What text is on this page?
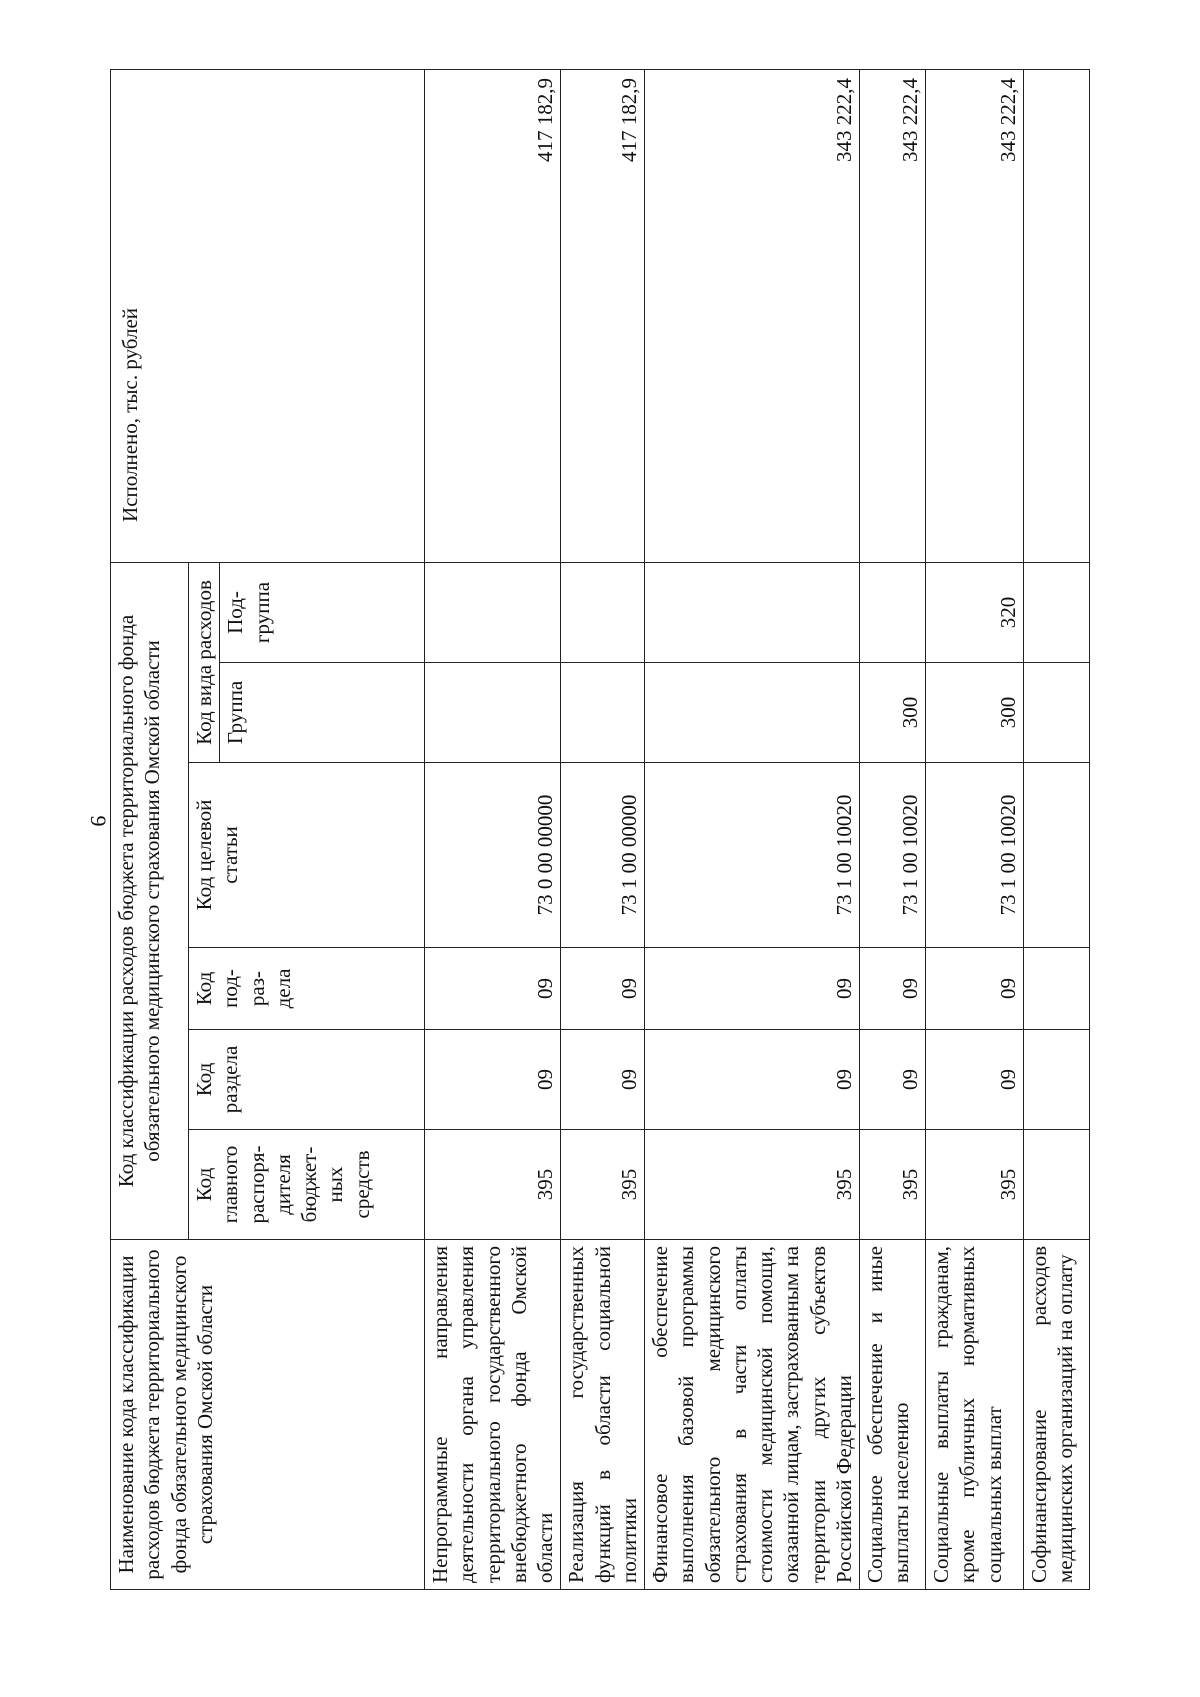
9
Наименование кода классификации расходов бюджета территориального фонда обязательного медицинского страхования Омской области	Код классификации расходов бюджета территориального фонда обязательного медицинского страхования Омской области						Исполнено, тыс. рублей
	Код главного распоря-дителя бюджет-ных средств	Код раздела	Код под-раз-дела	Код целевой статьи	Код вида расходов		
					Группа	Под-группа	

Непрограммные направления деятельности органа управления территориального государственного внебюджетного фонда Омской области	395	09	09	73 0 00 00000			417 182,9
Реализация государственных функций в области социальной политики	395	09	09	73 1 00 00000			417 182,9
Финансовое обеспечение выполнения базовой программы обязательного медицинского страхования в части оплаты стоимости медицинской помощи, оказанной лицам, застрахованным на территории других субъектов Российской Федерации	395	09	09	73 1 00 10020			343 222,4
Социальное обеспечение и иные выплаты населению	395	09	09	73 1 00 10020	300		343 222,4
Социальные выплаты гражданам, кроме публичных нормативных социальных выплат	395	09	09	73 1 00 10020	300	320	343 222,4
Софинансирование расходов медицинских организаций на оплату							
